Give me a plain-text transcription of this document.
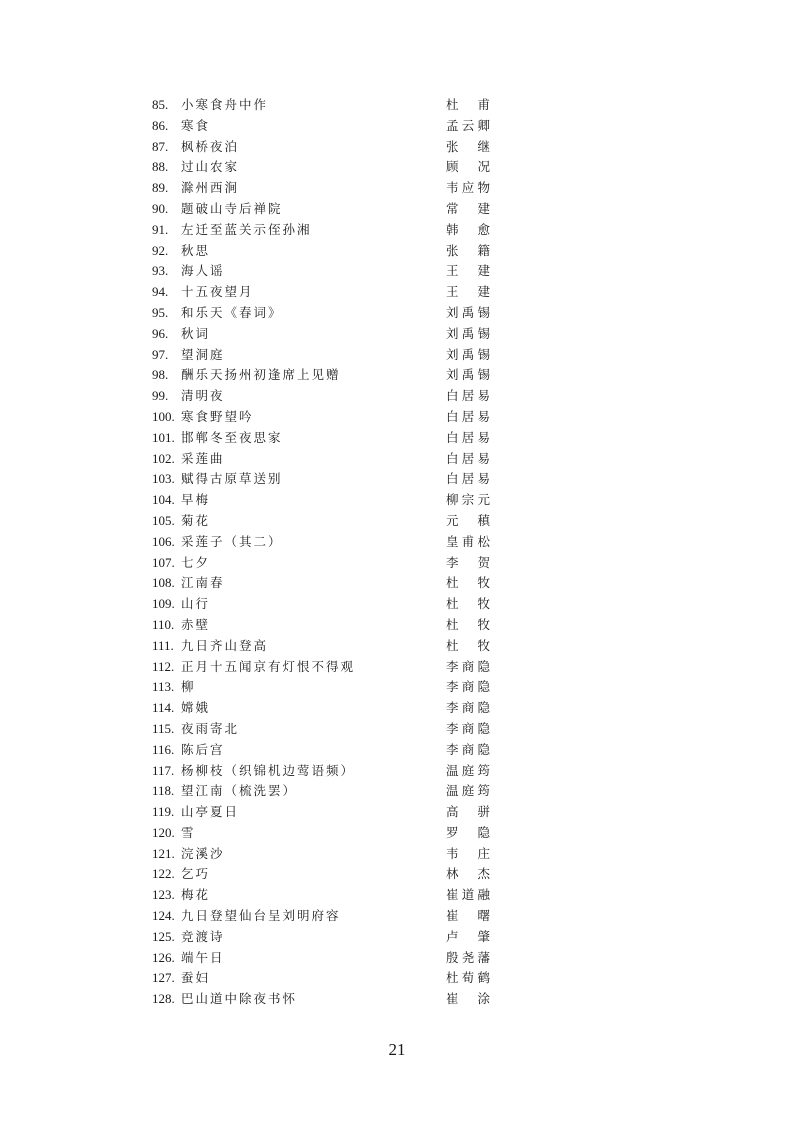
85. 小寒食舟中作	杜 甫
86. 寒食	孟 云 卿
87. 枫桥夜泊	张 继
88. 过山农家	顾 况
89. 滁州西涧	韦 应 物
90. 题破山寺后禅院	常 建
91. 左迁至蓝关示侄孙湘	韩 愈
92. 秋思	张 籍
93. 海人谣	王 建
94. 十五夜望月	王 建
95. 和乐天《春词》	刘 禹 锡
96. 秋词	刘 禹 锡
97. 望洞庭	刘 禹 锡
98. 酬乐天扬州初逢席上见赠	刘 禹 锡
99. 清明夜	白 居 易
100. 寒食野望吟	白 居 易
101. 邯郸冬至夜思家	白 居 易
102. 采莲曲	白 居 易
103. 赋得古原草送别	白 居 易
104. 早梅	柳 宗 元
105. 菊花	元 稹
106. 采莲子（其二）	皇 甫 松
107. 七夕	李 贺
108. 江南春	杜 牧
109. 山行	杜 牧
110. 赤壁	杜 牧
111. 九日齐山登高	杜 牧
112. 正月十五闻京有灯恨不得观	李 商 隐
113. 柳	李 商 隐
114. 嫦娥	李 商 隐
115. 夜雨寄北	李 商 隐
116. 陈后宫	李 商 隐
117. 杨柳枝（织锦机边莺语频）	温 庭 筠
118. 望江南（梳洗罢）	温 庭 筠
119. 山亭夏日	高 骈
120. 雪	罗 隐
121. 浣溪沙	韦 庄
122. 乞巧	林 杰
123. 梅花	崔 道 融
124. 九日登望仙台呈刘明府容	崔 曙
125. 竞渡诗	卢 肇
126. 端午日	殷 尧 藩
127. 蚕妇	杜 荀 鹤
128. 巴山道中除夜书怀	崔 涂
21
